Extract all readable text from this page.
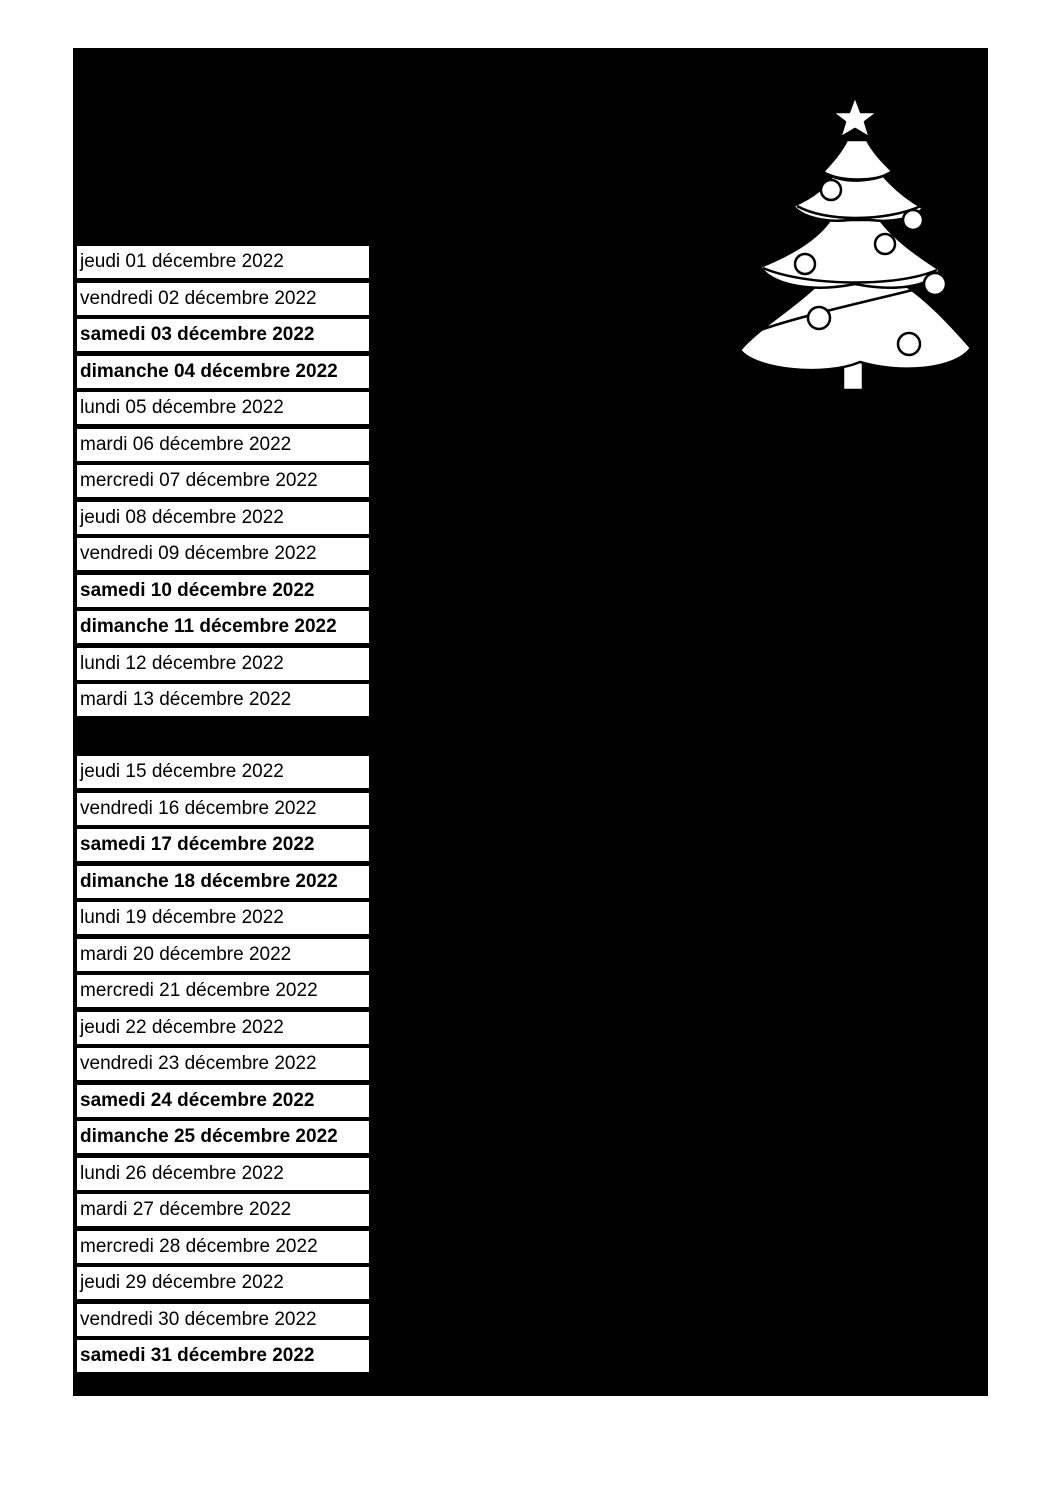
jeudi 01 décembre 2022
vendredi 02 décembre 2022
samedi 03 décembre 2022
dimanche 04 décembre 2022
lundi 05 décembre 2022
mardi 06 décembre 2022
mercredi 07 décembre 2022
jeudi 08 décembre 2022
vendredi 09 décembre 2022
samedi 10 décembre 2022
dimanche 11 décembre 2022
lundi 12 décembre 2022
mardi 13 décembre 2022
jeudi 15 décembre 2022
vendredi 16 décembre 2022
samedi 17 décembre 2022
dimanche 18 décembre 2022
lundi 19 décembre 2022
mardi 20 décembre 2022
mercredi 21 décembre 2022
jeudi 22 décembre 2022
vendredi 23 décembre 2022
samedi 24 décembre 2022
dimanche 25 décembre 2022
lundi 26 décembre 2022
mardi 27 décembre 2022
mercredi 28 décembre 2022
jeudi 29 décembre 2022
vendredi 30 décembre 2022
samedi 31 décembre 2022
